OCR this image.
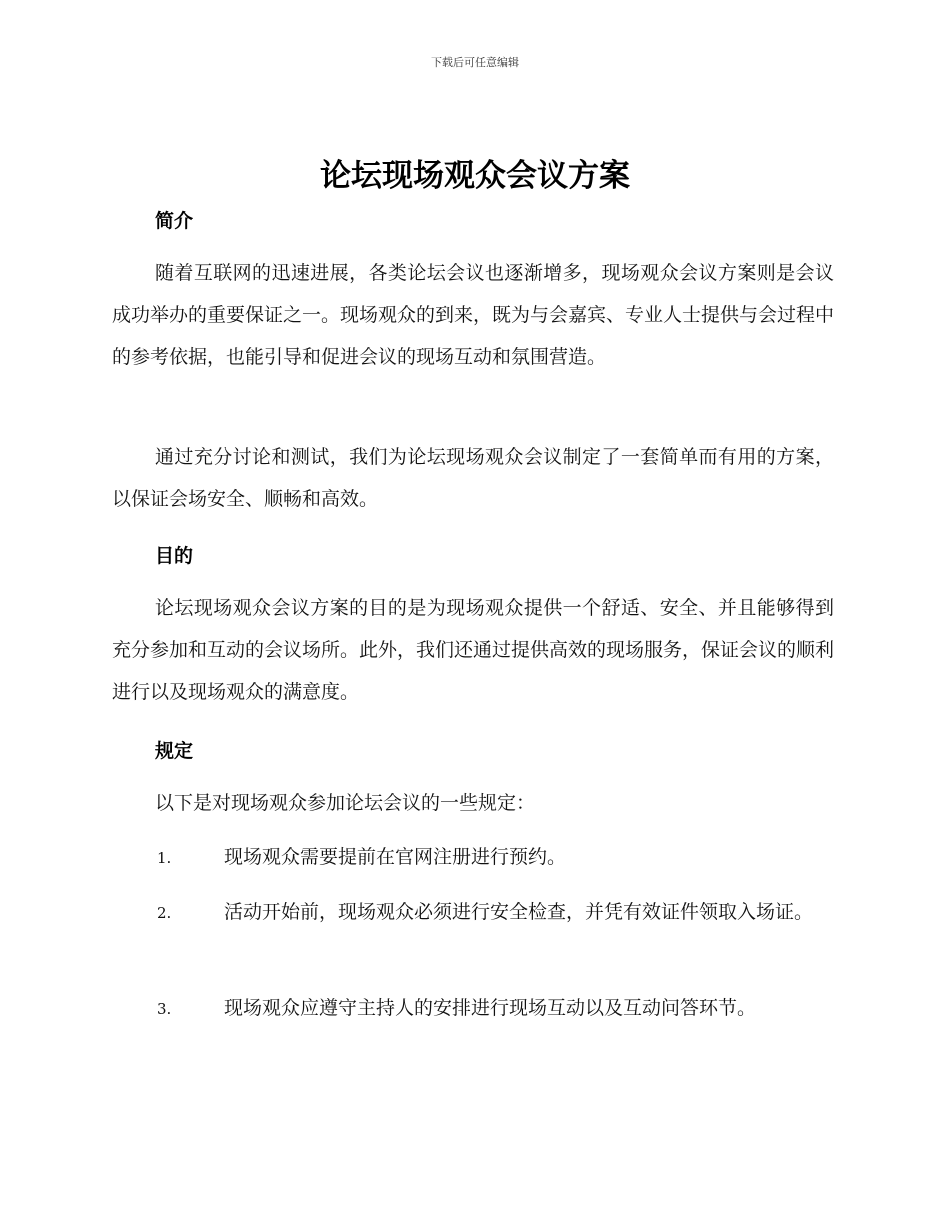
下载后可任意编辑
论坛现场观众会议方案
简介

随着互联网的迅速进展，各类论坛会议也逐渐增多，现场观众会议方案则是会议成功举办的重要保证之一。现场观众的到来，既为与会嘉宾、专业人士提供与会过程中的参考依据，也能引导和促进会议的现场互动和氛围营造。

通过充分讨论和测试，我们为论坛现场观众会议制定了一套简单而有用的方案，以保证会场安全、顺畅和高效。

目的

论坛现场观众会议方案的目的是为现场观众提供一个舒适、安全、并且能够得到充分参加和互动的会议场所。此外，我们还通过提供高效的现场服务，保证会议的顺利进行以及现场观众的满意度。

规定

以下是对现场观众参加论坛会议的一些规定：

1.	现场观众需要提前在官网注册进行预约。

2.	活动开始前，现场观众必须进行安全检查，并凭有效证件领取入场证。

3.	现场观众应遵守主持人的安排进行现场互动以及互动问答环节。
